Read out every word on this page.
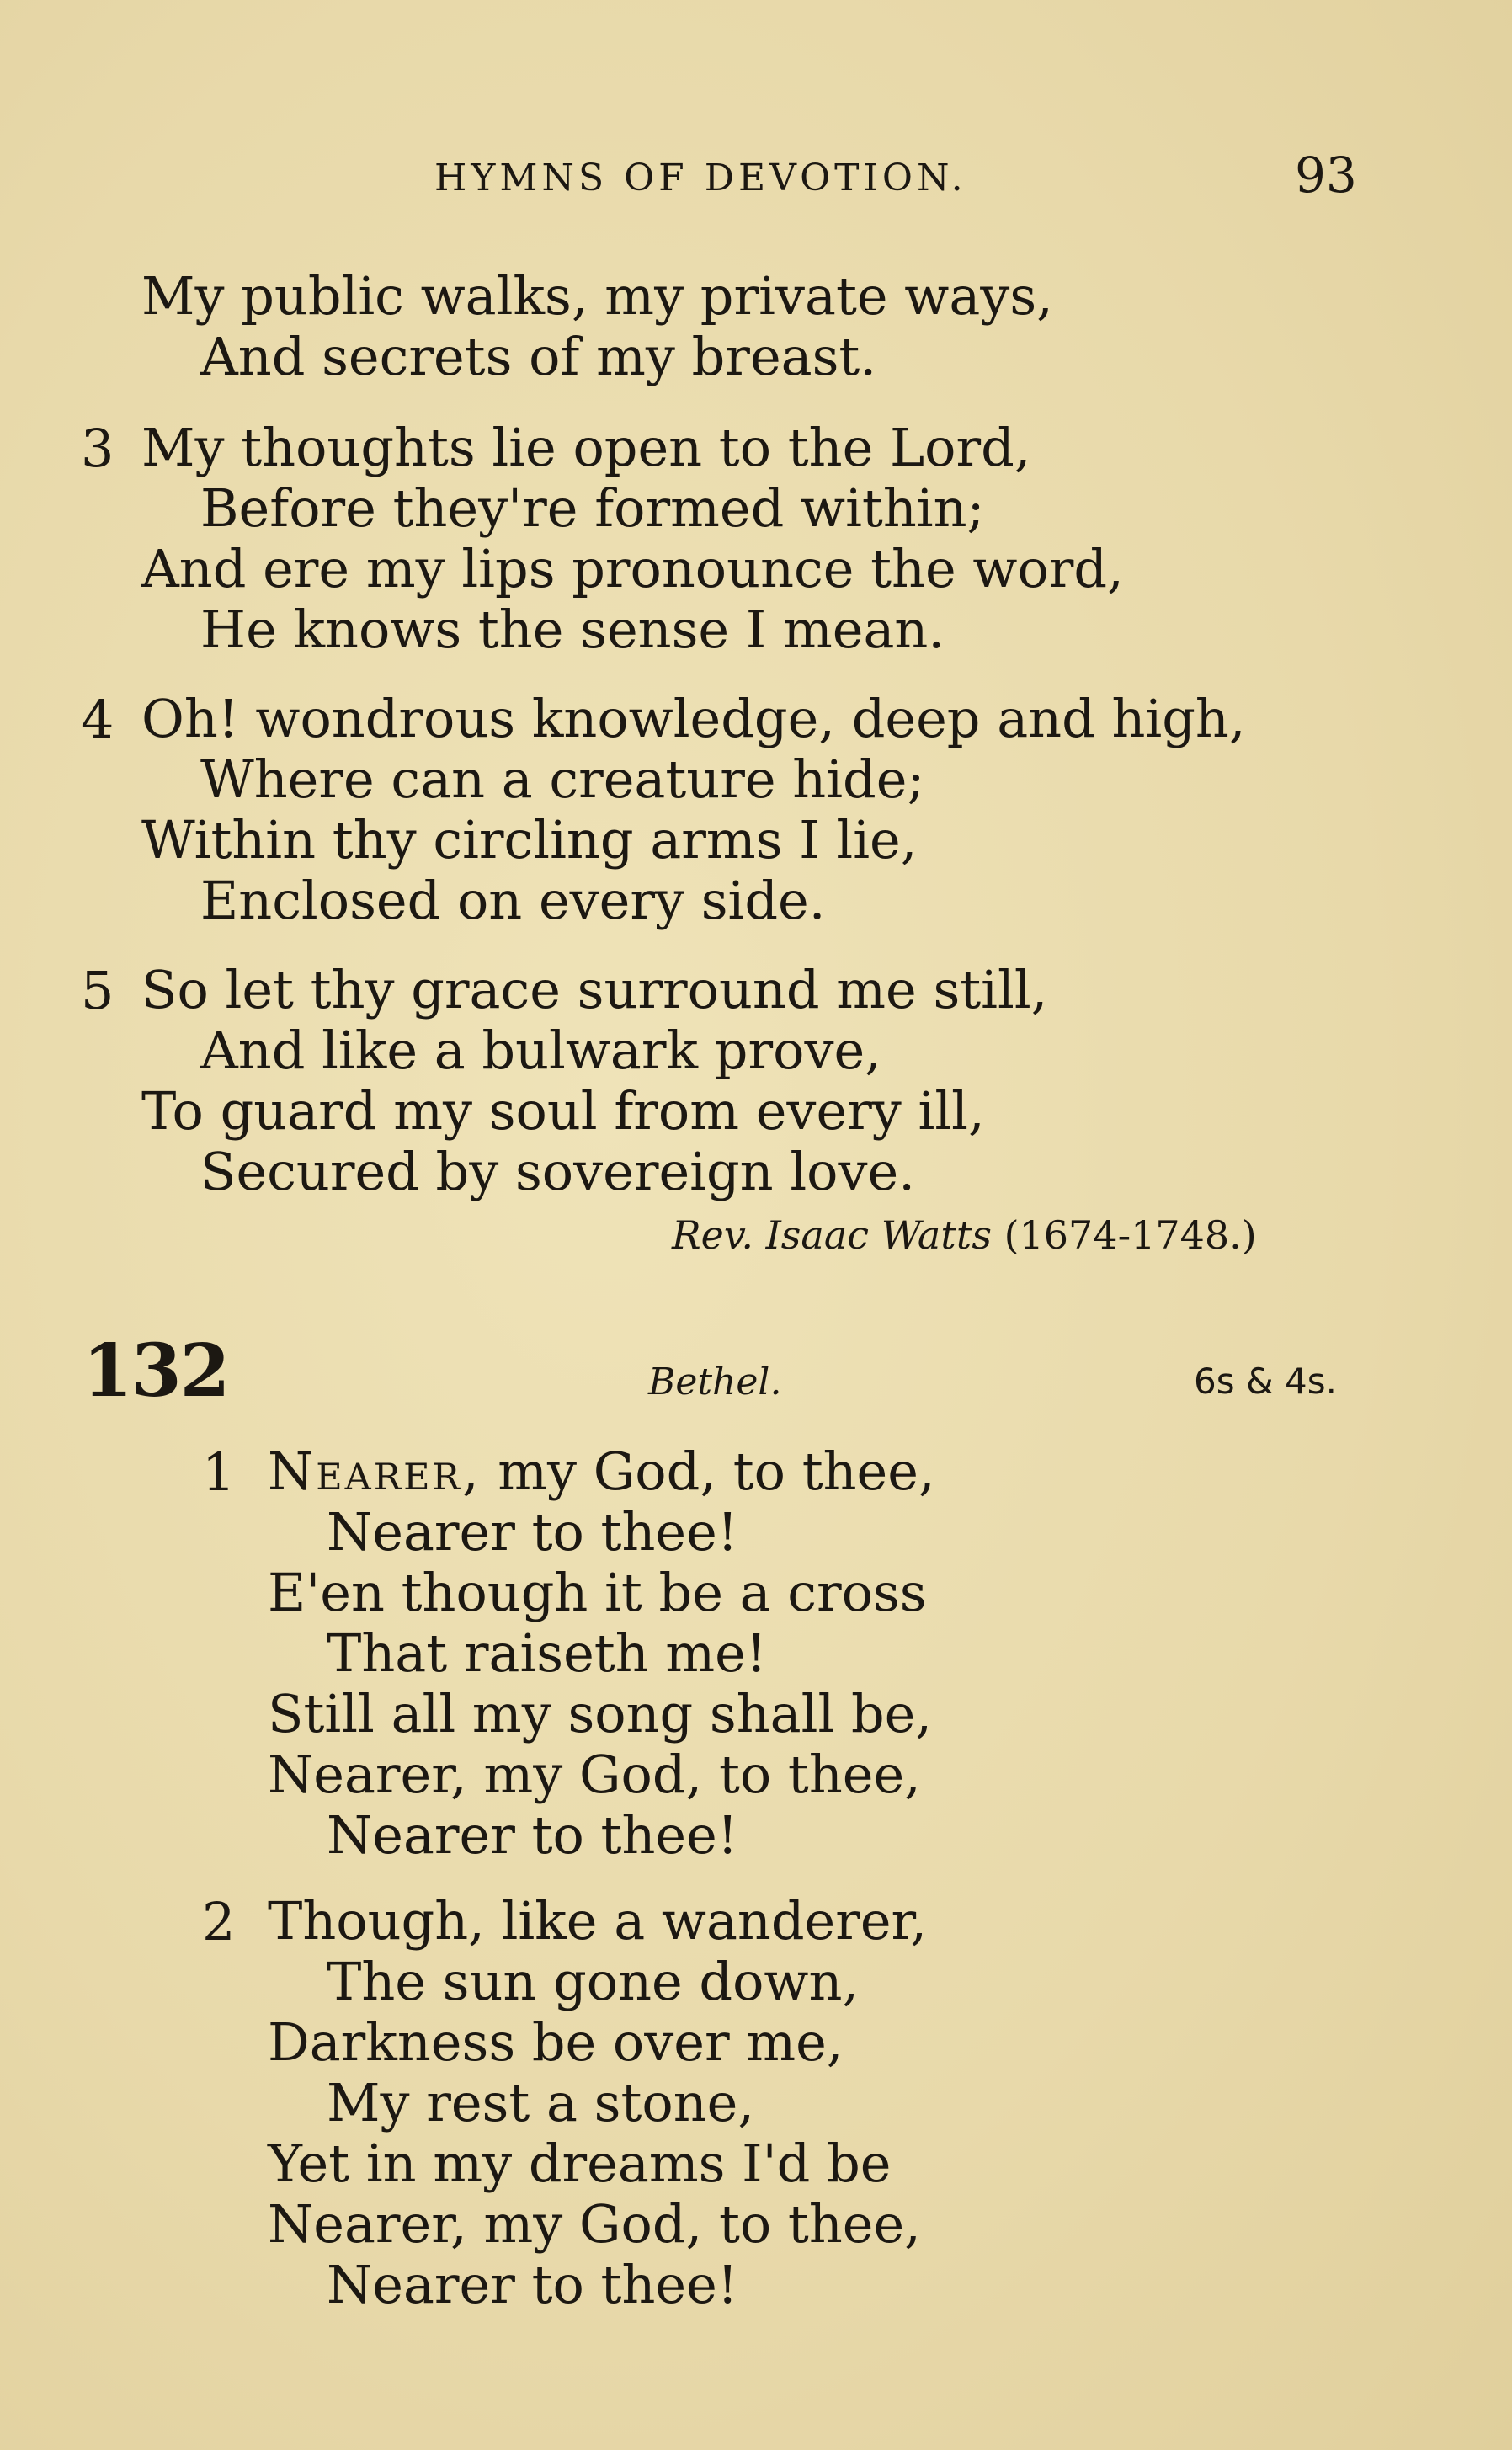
HYMNS OF DEVOTION.	93
My public walks, my private ways,
And secrets of my breast.
3 My thoughts lie open to the Lord,
Before they're formed within;
And ere my lips pronounce the word,
He knows the sense I mean.
4 Oh! wondrous knowledge, deep and high,
Where can a creature hide;
Within thy circling arms I lie,
Enclosed on every side.
5 So let thy grace surround me still,
And like a bulwark prove,
To guard my soul from every ill,
Secured by sovereign love.
Rev. Isaac Watts (1674-1748.)
132	Bethel.	6s & 4s.
1 Nearer, my God, to thee,
Nearer to thee!
E'en though it be a cross
That raiseth me!
Still all my song shall be,
Nearer, my God, to thee,
Nearer to thee!
2 Though, like a wanderer,
The sun gone down,
Darkness be over me,
My rest a stone,
Yet in my dreams I'd be
Nearer, my God, to thee,
Nearer to thee!
